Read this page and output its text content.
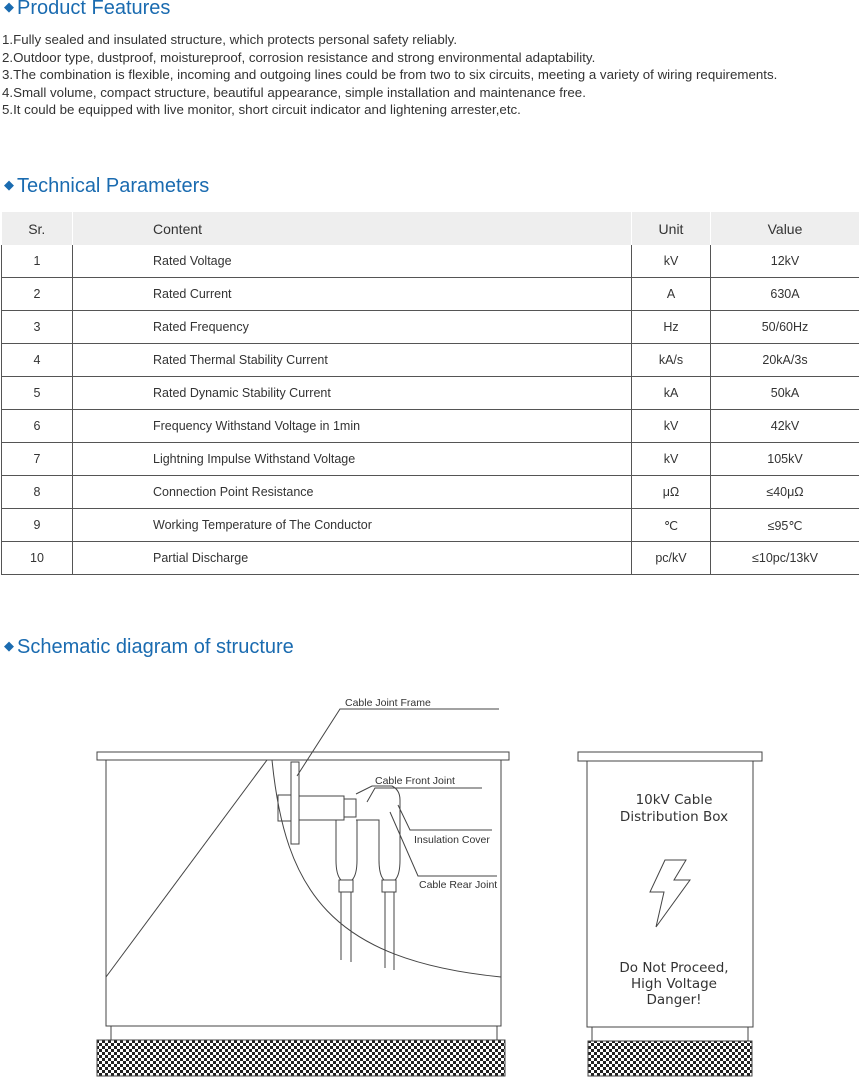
◆ Product Features
1.Fully sealed and insulated structure, which protects personal safety reliably.
2.Outdoor type, dustproof, moistureproof, corrosion resistance and strong environmental adaptability.
3.The combination is flexible, incoming and outgoing lines could be from two to six circuits, meeting a variety of wiring requirements.
4.Small volume, compact structure, beautiful appearance, simple installation and maintenance free.
5.It could be equipped with live monitor, short circuit indicator and lightening arrester,etc.
◆ Technical Parameters
Sr.	Content	Unit	Value
1	Rated Voltage	kV	12kV
2	Rated Current	A	630A
3	Rated Frequency	Hz	50/60Hz
4	Rated Thermal Stability Current	kA/s	20kA/3s
5	Rated Dynamic Stability Current	kA	50kA
6	Frequency Withstand Voltage in 1min	kV	42kV
7	Lightning Impulse Withstand Voltage	kV	105kV
8	Connection Point Resistance	μΩ	≤40μΩ
9	Working Temperature of The Conductor	℃	≤95℃
10	Partial Discharge	pc/kV	≤10pc/13kV
◆ Schematic diagram of structure
Cable Joint Frame
Cable Front Joint
Insulation Cover
Cable Rear Joint
10kV Cable
Distribution Box
Do Not Proceed,
High Voltage
Danger!
